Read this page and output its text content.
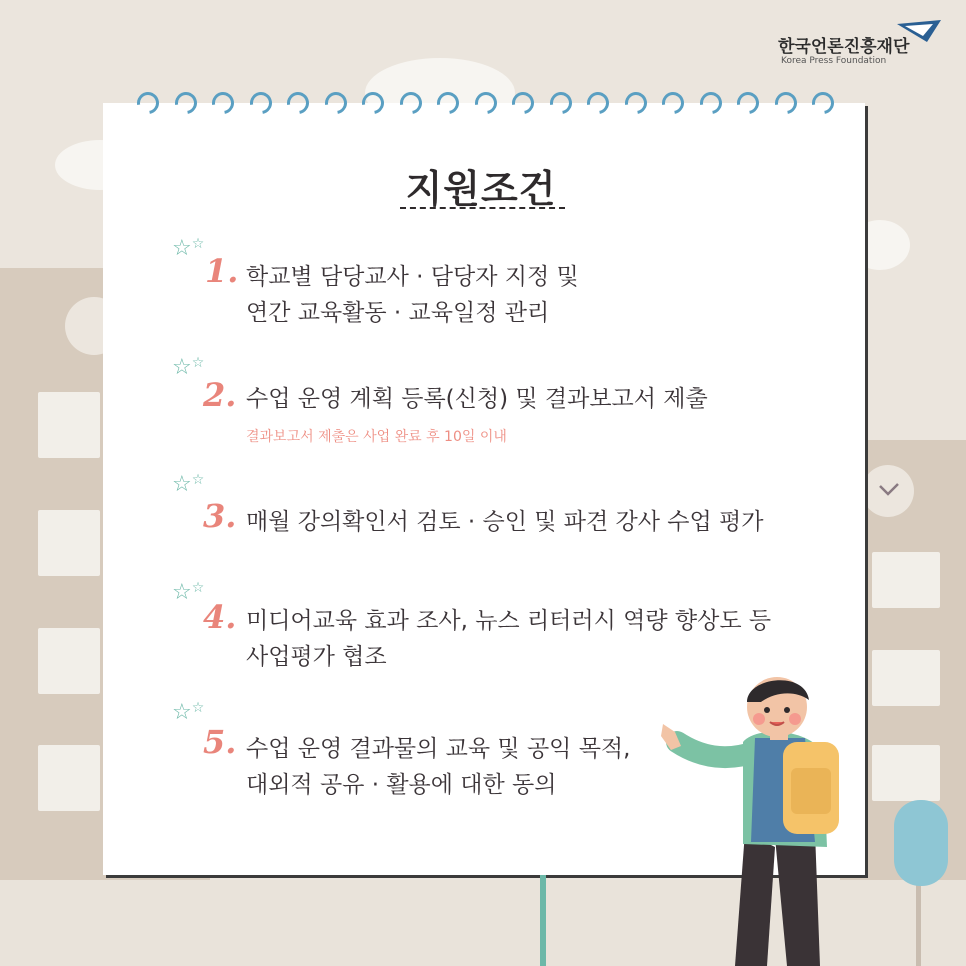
한국언론진흥재단
Korea Press Foundation
지원조건
☆☆
1. 학교별 담당교사 · 담당자 지정 및
연간 교육활동 · 교육일정 관리
☆☆
2. 수업 운영 계획 등록(신청) 및 결과보고서 제출
결과보고서 제출은 사업 완료 후 10일 이내
☆☆
3. 매월 강의확인서 검토 · 승인 및 파견 강사 수업 평가
☆☆
4. 미디어교육 효과 조사, 뉴스 리터러시 역량 향상도 등
사업평가 협조
☆☆
5. 수업 운영 결과물의 교육 및 공익 목적,
대외적 공유 · 활용에 대한 동의
